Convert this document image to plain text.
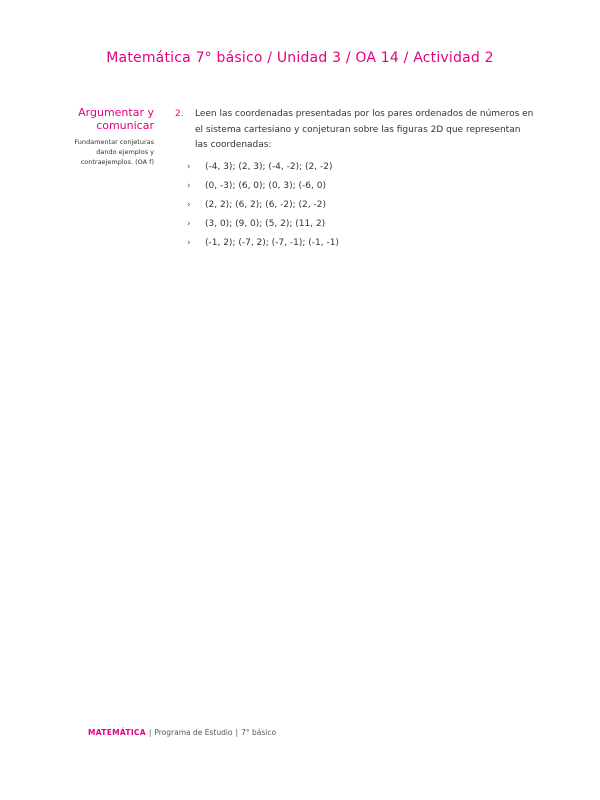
Matemática 7° básico / Unidad 3 / OA 14 / Actividad 2

Argumentar y comunicar

Fundamentar conjeturas dando ejemplos y contraejemplos. (OA f)
2. Leen las coordenadas presentadas por los pares ordenados de números en el sistema cartesiano y conjeturan sobre las figuras 2D que representan las coordenadas:
› (-4, 3); (2, 3); (-4, -2); (2, -2)
› (0, -3); (6, 0); (0, 3); (-6, 0)
› (2, 2); (6, 2); (6, -2); (2, -2)
› (3, 0); (9, 0); (5, 2); (11, 2)
› (-1, 2); (-7, 2); (-7, -1); (-1, -1)
MATEMÁTICA | Programa de Estudio | 7° básico
